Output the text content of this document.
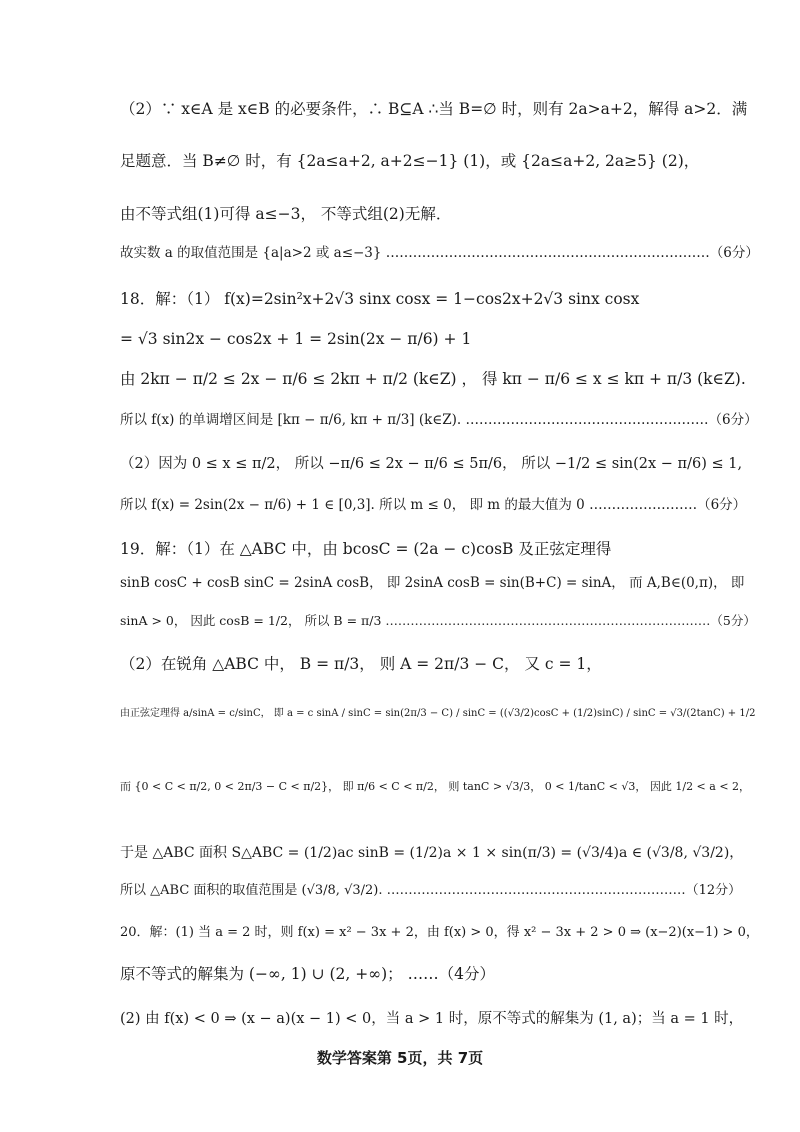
（2）∵ x∈A 是 x∈B 的必要条件，∴ B⊆A ∴当 B=∅ 时，则有 2a>a+2，解得 a>2．满
足题意．当 B≠∅ 时，有 {2a≤a+2, a+2≤−1} (1)，或 {2a≤a+2, 2a≥5} (2)，
由不等式组(1)可得 a≤−3， 不等式组(2)无解．
故实数 a 的取值范围是 {a|a>2 或 a≤−3} ………………………………………………………………（6分）
18．解：（1） f(x)=2sin²x+2√3 sinx cosx = 1−cos2x+2√3 sinx cosx
= √3 sin2x − cos2x + 1 = 2sin(2x − π/6) + 1
由 2kπ − π/2 ≤ 2x − π/6 ≤ 2kπ + π/2 (k∈Z) ， 得 kπ − π/6 ≤ x ≤ kπ + π/3 (k∈Z).
所以 f(x) 的单调增区间是 [kπ − π/6, kπ + π/3] (k∈Z). ………………………………………………（6分）
（2）因为 0 ≤ x ≤ π/2， 所以 −π/6 ≤ 2x − π/6 ≤ 5π/6， 所以 −1/2 ≤ sin(2x − π/6) ≤ 1,
所以 f(x) = 2sin(2x − π/6) + 1 ∈ [0,3]. 所以 m ≤ 0， 即 m 的最大值为 0 ……………………（6分）
19．解：（1）在 △ABC 中，由 bcosC = (2a − c)cosB 及正弦定理得
sinB cosC + cosB sinC = 2sinA cosB， 即 2sinA cosB = sin(B+C) = sinA， 而 A,B∈(0,π)， 即
sinA > 0， 因此 cosB = 1/2， 所以 B = π/3 ……………………………………………………………………（5分）
（2）在锐角 △ABC 中， B = π/3， 则 A = 2π/3 − C， 又 c = 1，
由正弦定理得 a/sinA = c/sinC， 即 a = c sinA / sinC = sin(2π/3 − C) / sinC = ((√3/2)cosC + (1/2)sinC) / sinC = √3/(2tanC) + 1/2
而 {0 < C < π/2, 0 < 2π/3 − C < π/2}， 即 π/6 < C < π/2， 则 tanC > √3/3， 0 < 1/tanC < √3， 因此 1/2 < a < 2，
于是 △ABC 面积 S△ABC = (1/2)ac sinB = (1/2)a × 1 × sin(π/3) = (√3/4)a ∈ (√3/8, √3/2)，
所以 △ABC 面积的取值范围是 (√3/8, √3/2). ……………………………………………………………（12分）
20．解：(1) 当 a = 2 时，则 f(x) = x² − 3x + 2，由 f(x) > 0，得 x² − 3x + 2 > 0 ⇒ (x−2)(x−1) > 0，
原不等式的解集为 (−∞, 1) ∪ (2, +∞)； ……（4分）
(2) 由 f(x) < 0 ⇒ (x − a)(x − 1) < 0，当 a > 1 时，原不等式的解集为 (1, a)；当 a = 1 时，
数学答案第 5页，共 7页
